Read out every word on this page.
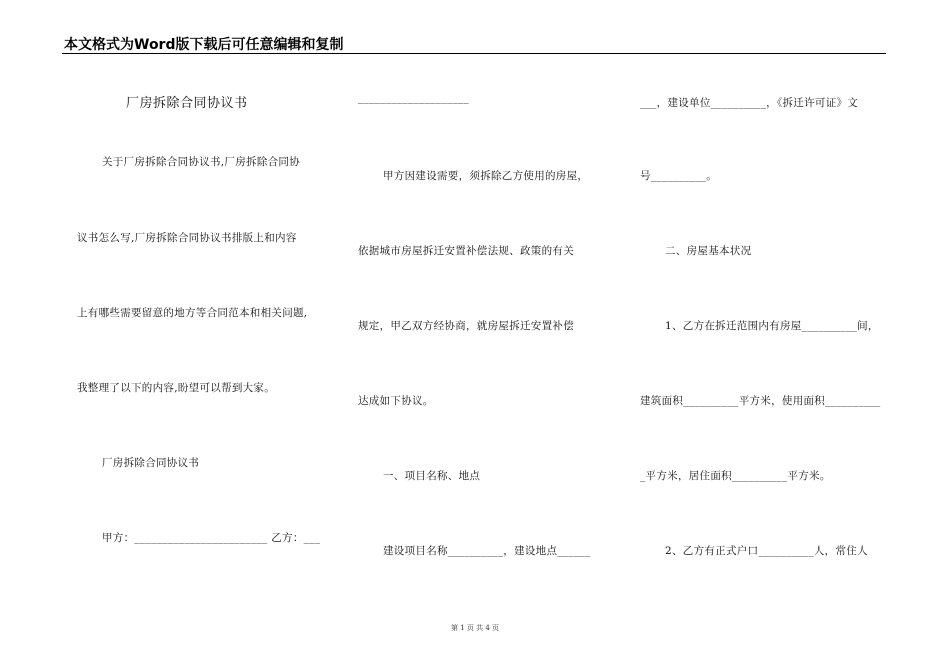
本文格式为Word版下载后可任意编辑和复制
厂房拆除合同协议书
关于厂房拆除合同协议书,厂房拆除合同协
议书怎么写,厂房拆除合同协议书排版上和内容
上有哪些需要留意的地方等合同范本和相关问题,
我整理了以下的内容,盼望可以帮到大家。
厂房拆除合同协议书
甲方：________________________ 乙方：___
____________________
甲方因建设需要，须拆除乙方使用的房屋，
依据城市房屋拆迁安置补偿法规、政策的有关
规定，甲乙双方经协商，就房屋拆迁安置补偿
达成如下协议。
一、项目名称、地点
建设项目名称__________，建设地点______
___，建设单位__________，《拆迁许可证》文
号__________。
二、房屋基本状况
1、乙方在拆迁范围内有房屋__________间，
建筑面积__________平方米，使用面积__________
_平方米，居住面积__________平方米。
2、乙方有正式户口__________人，常住人
第 1 页 共 4 页
